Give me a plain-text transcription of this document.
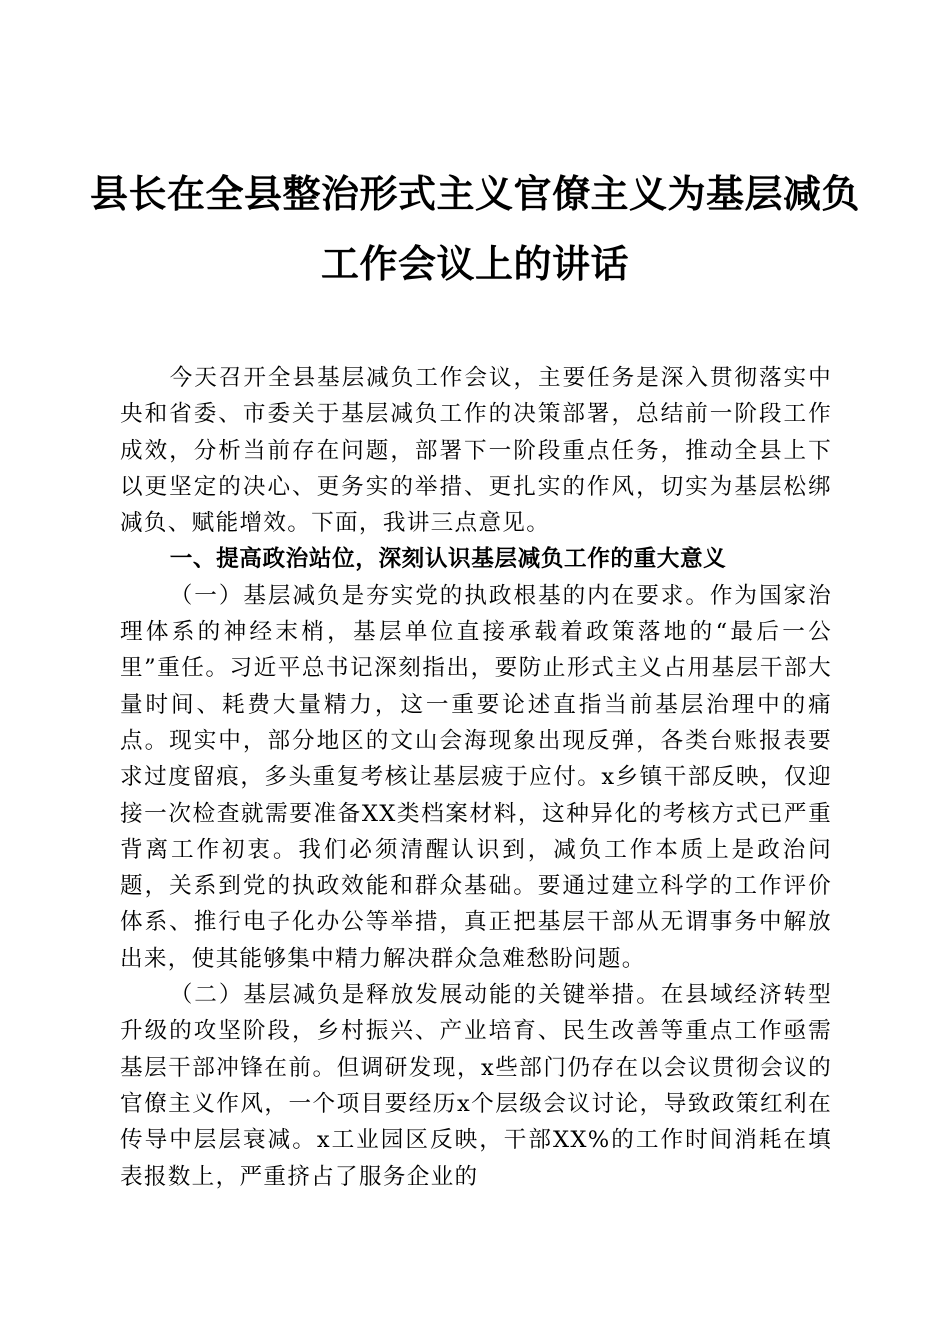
县长在全县整治形式主义官僚主义为基层减负
工作会议上的讲话

今天召开全县基层减负工作会议，主要任务是深入贯彻落实中央和省委、市委关于基层减负工作的决策部署，总结前一阶段工作成效，分析当前存在问题，部署下一阶段重点任务，推动全县上下以更坚定的决心、更务实的举措、更扎实的作风，切实为基层松绑减负、赋能增效。下面，我讲三点意见。

一、提高政治站位，深刻认识基层减负工作的重大意义

（一）基层减负是夯实党的执政根基的内在要求。作为国家治理体系的神经末梢，基层单位直接承载着政策落地的“最后一公里”重任。习近平总书记深刻指出，要防止形式主义占用基层干部大量时间、耗费大量精力，这一重要论述直指当前基层治理中的痛点。现实中，部分地区的文山会海现象出现反弹，各类台账报表要求过度留痕，多头重复考核让基层疲于应付。x乡镇干部反映，仅迎接一次检查就需要准备XX类档案材料，这种异化的考核方式已严重背离工作初衷。我们必须清醒认识到，减负工作本质上是政治问题，关系到党的执政效能和群众基础。要通过建立科学的工作评价体系、推行电子化办公等举措，真正把基层干部从无谓事务中解放出来，使其能够集中精力解决群众急难愁盼问题。

（二）基层减负是释放发展动能的关键举措。在县域经济转型升级的攻坚阶段，乡村振兴、产业培育、民生改善等重点工作亟需基层干部冲锋在前。但调研发现，x些部门仍存在以会议贯彻会议的官僚主义作风，一个项目要经历x个层级会议讨论，导致政策红利在传导中层层衰减。x工业园区反映，干部XX%的工作时间消耗在填表报数上，严重挤占了服务企业的
